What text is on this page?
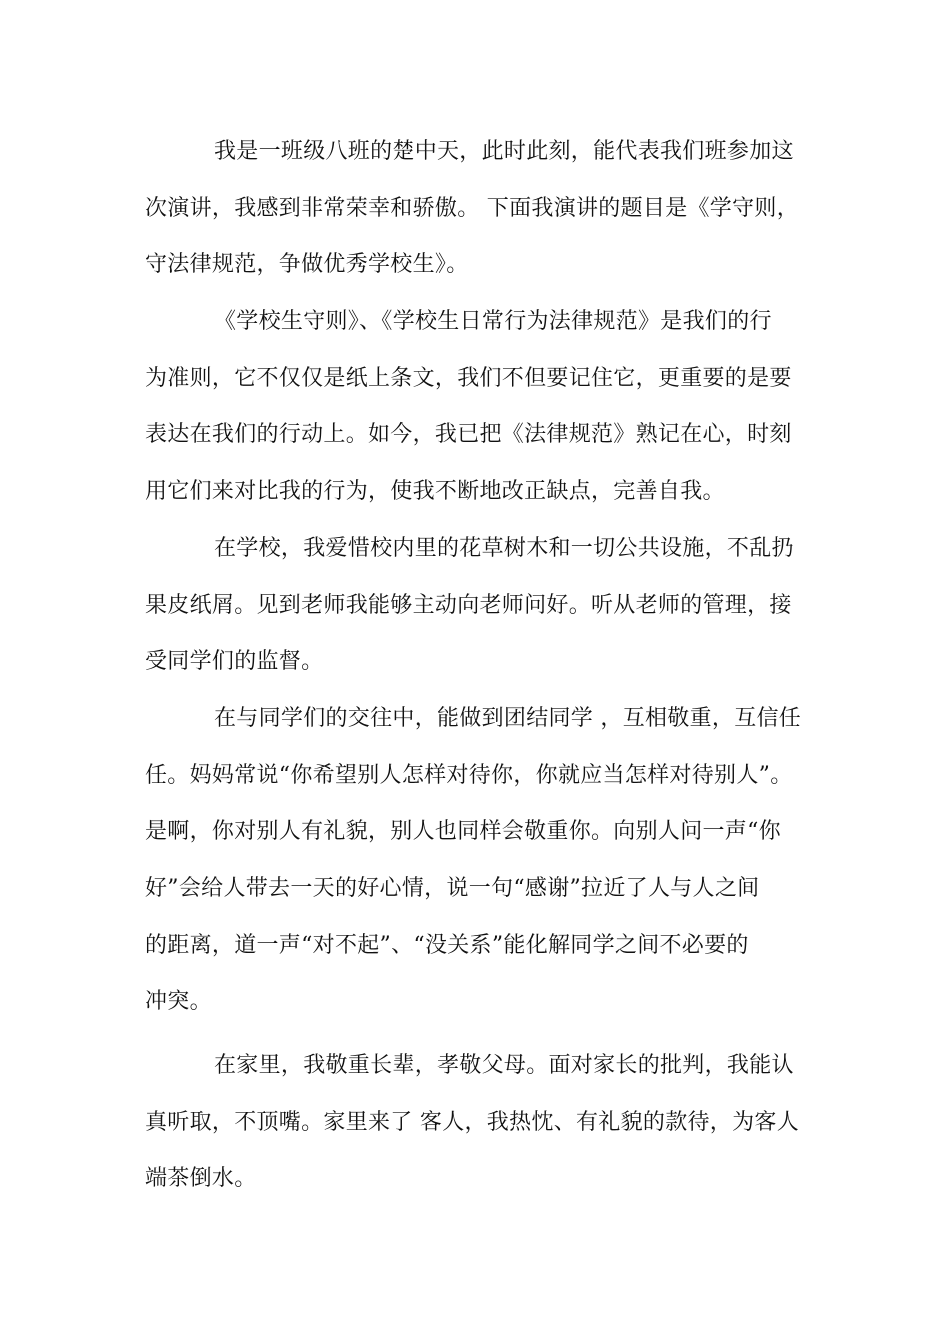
我是一班级八班的楚中天，此时此刻，能代表我们班参加这
次演讲，我感到非常荣幸和骄傲。 下面我演讲的题目是《学守则，
守法律规范，争做优秀学校生》。
《学校生守则》、《学校生日常行为法律规范》是我们的行
为准则，它不仅仅是纸上条文，我们不但要记住它，更重要的是要
表达在我们的行动上。如今，我已把《法律规范》熟记在心，时刻
用它们来对比我的行为，使我不断地改正缺点，完善自我。
在学校，我爱惜校内里的花草树木和一切公共设施，不乱扔
果皮纸屑。见到老师我能够主动向老师问好。听从老师的管理，接
受同学们的监督。
在与同学们的交往中，能做到团结同学 ，互相敬重，互信任
任。妈妈常说“你希望别人怎样对待你，你就应当怎样对待别人”。
是啊，你对别人有礼貌，别人也同样会敬重你。向别人问一声“你
好”会给人带去一天的好心情，说一句“感谢”拉近了人与人之间
的距离，道一声“对不起”、“没关系”能化解同学之间不必要的
冲突。
在家里，我敬重长辈，孝敬父母。面对家长的批判，我能认
真听取，不顶嘴。家里来了 客人，我热忱、有礼貌的款待，为客人
端茶倒水。
